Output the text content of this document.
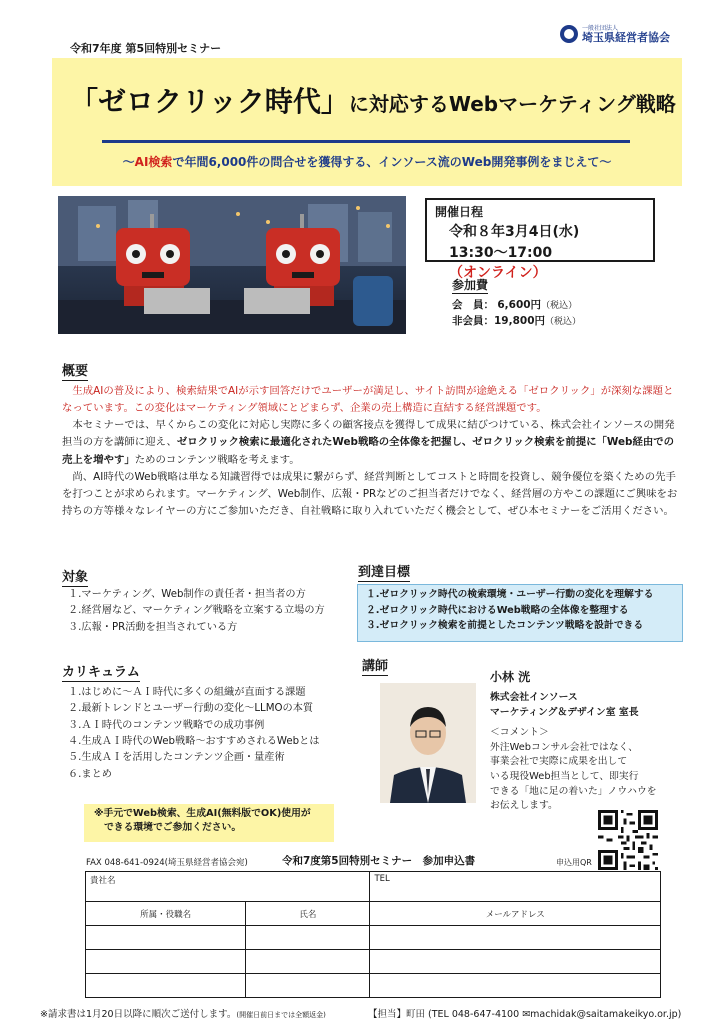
令和7年度 第5回特別セミナー
一般社団法人
埼玉県経営者協会
「ゼロクリック時代」に対応するWebマーケティング戦略
～AI検索で年間6,000件の問合せを獲得する、インソース流のWeb開発事例をまじえて～
開催日程
令和８年3月4日(水)
13:30～17:00（オンライン）
参加費
会　員： 6,600円（税込）
非会員：19,800円（税込）
概要

生成AIの普及により、検索結果でAIが示す回答だけでユーザーが満足し、サイト訪問が途絶える「ゼロクリック」が深刻な課題となっています。この変化はマーケティング領域にとどまらず、企業の売上構造に直結する経営課題です。

本セミナーでは、早くからこの変化に対応し実際に多くの顧客接点を獲得して成果に結びつけている、株式会社インソースの開発担当の方を講師に迎え、ゼロクリック検索に最適化されたWeb戦略の全体像を把握し、ゼロクリック検索を前提に「Web経由での売上を増やす」ためのコンテンツ戦略を考えます。

尚、AI時代のWeb戦略は単なる知識習得では成果に繋がらず、経営判断としてコストと時間を投資し、競争優位を築くための先手を打つことが求められます。マーケティング、Web制作、広報・PRなどのご担当者だけでなく、経営層の方やこの課題にご興味をお持ちの方等様々なレイヤーの方にご参加いただき、自社戦略に取り入れていただく機会として、ぜひ本セミナーをご活用ください。

対象
１.マーケティング、Web制作の責任者・担当者の方
２.経営層など、マーケティング戦略を立案する立場の方
３.広報・PR活動を担当されている方
到達目標
１.ゼロクリック時代の検索環境・ユーザー行動の変化を理解する
２.ゼロクリック時代におけるWeb戦略の全体像を整理する
３.ゼロクリック検索を前提としたコンテンツ戦略を設計できる
カリキュラム
１.はじめに～ＡＩ時代に多くの組織が直面する課題
２.最新トレンドとユーザー行動の変化～LLMOの本質
３.ＡＩ時代のコンテンツ戦略での成功事例
４.生成ＡＩ時代のWeb戦略～おすすめされるWebとは
５.生成ＡＩを活用したコンテンツ企画・量産術
６.まとめ
※手元でWeb検索、生成AI(無料版でOK)使用が
できる環境でご参加ください。
講師
小林 洸
株式会社インソース
マーケティング＆デザイン室 室長
＜コメント＞
外注Webコンサル会社ではなく、
事業会社で実際に成果を出して
いる現役Web担当として、即実行
できる「地に足の着いた」ノウハウを
お伝えします。
FAX 048-641-0924(埼玉県経営者協会宛)	令和7度第5回特別セミナー　参加申込書	申込用QR
貴社名		TEL
所属・役職名	氏名	メールアドレス

※請求書は1月20日以降に順次ご送付します。(開催日前日までは全額返金)	【担当】町田 (TEL 048-647-4100 ✉machidak@saitamakeikyo.or.jp)
